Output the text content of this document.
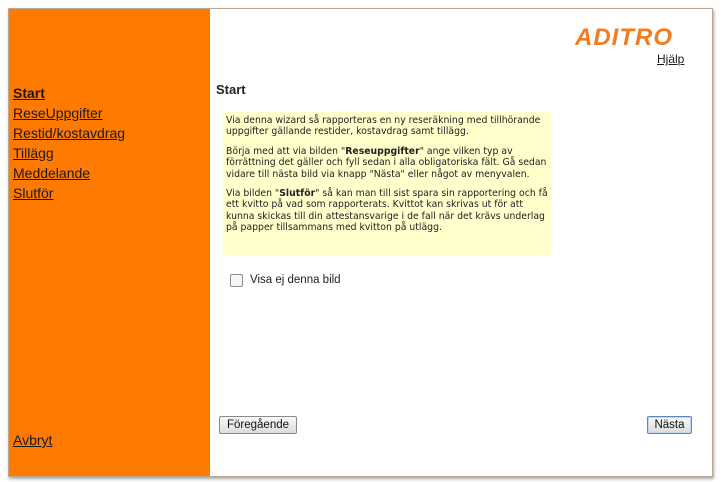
Start
ReseUppgifter
Restid/kostavdrag
Tillägg
Meddelande
Slutför
Avbryt
ADITRO
Hjälp
Start

Via denna wizard så rapporteras en ny reseräkning med tillhörande uppgifter gällande restider, kostavdrag samt tillägg.

Börja med att via bilden "Reseuppgifter" ange vilken typ av förrättning det gäller och fyll sedan i alla obligatoriska fält. Gå sedan vidare till nästa bild via knapp "Nästa" eller något av menyvalen.

Via bilden "Slutför" så kan man till sist spara sin rapportering och få ett kvitto på vad som rapporterats. Kvittot kan skrivas ut för att kunna skickas till din attestansvarige i de fall när det krävs underlag på papper tillsammans med kvitton på utlägg.

Visa ej denna bild
Föregående	Nästa
